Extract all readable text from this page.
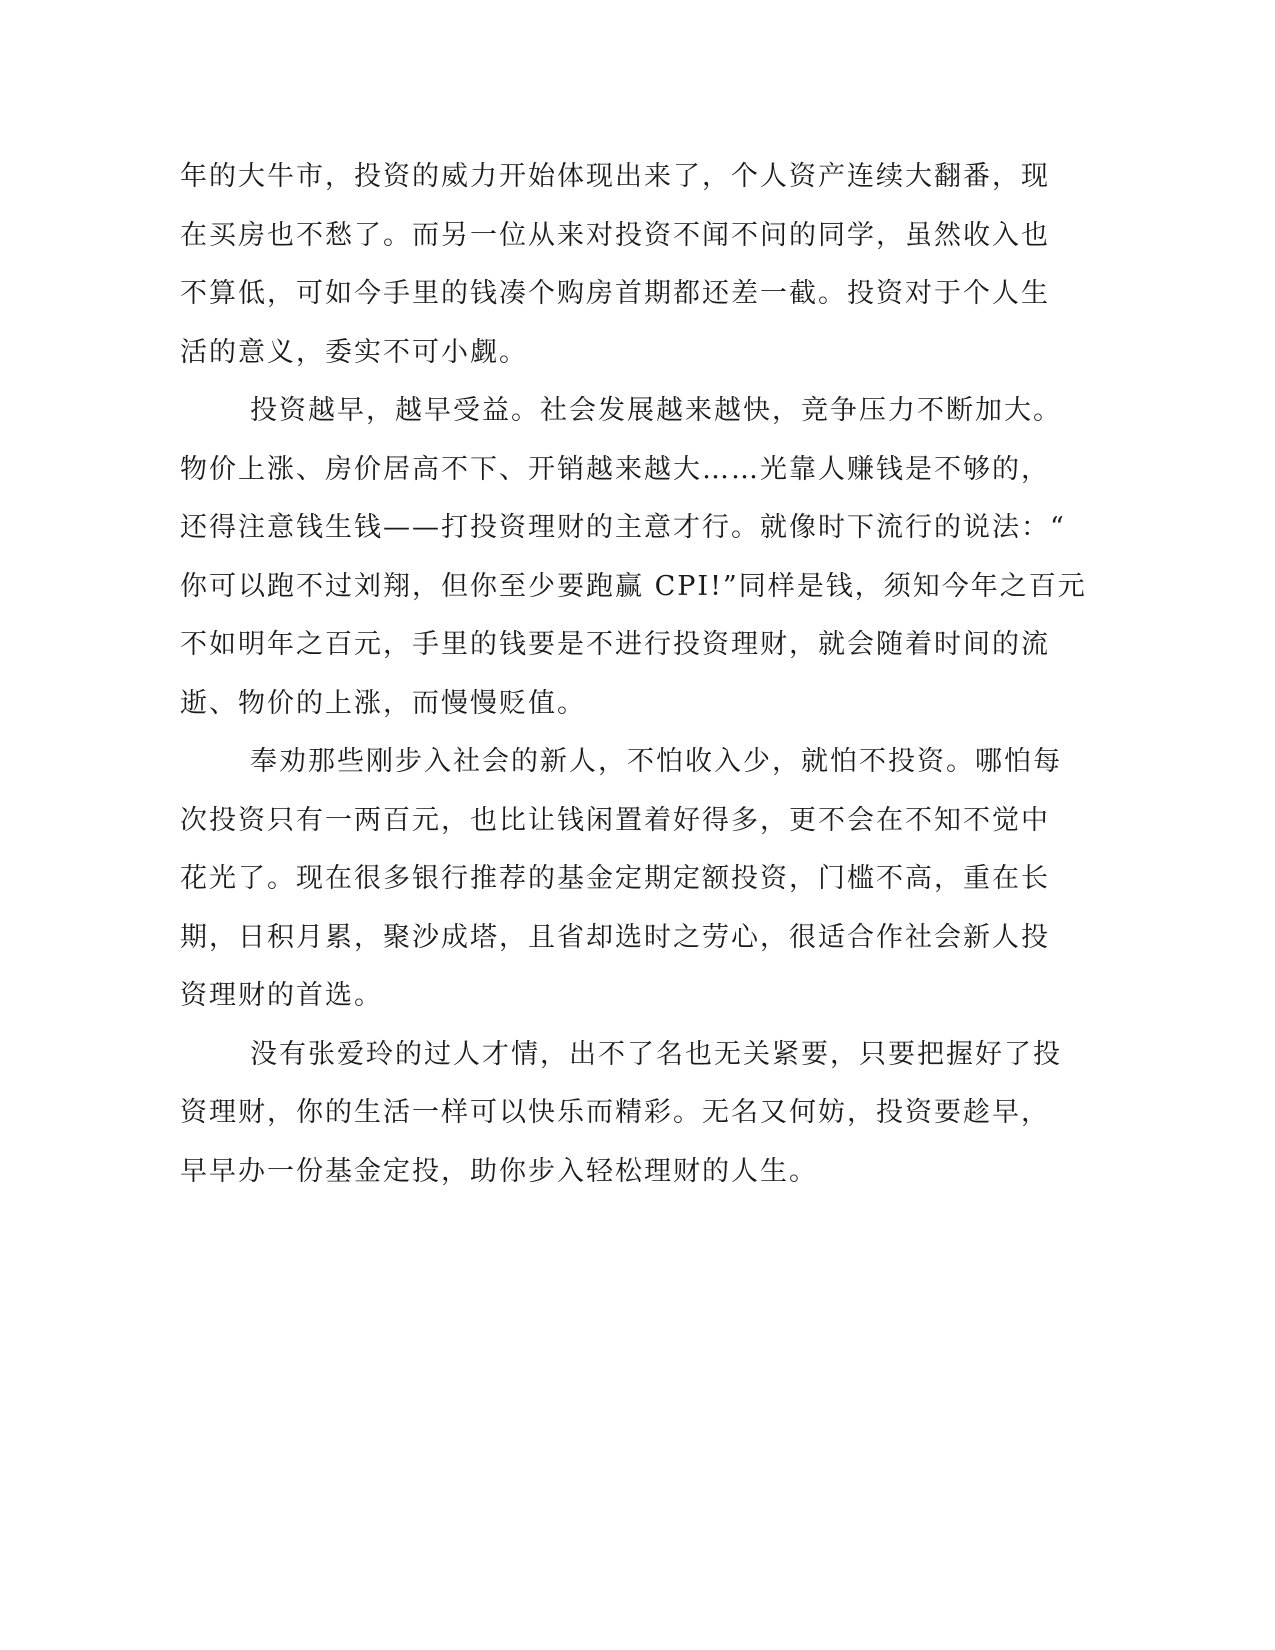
年的大牛市，投资的威力开始体现出来了，个人资产连续大翻番，现
在买房也不愁了。而另一位从来对投资不闻不问的同学，虽然收入也
不算低，可如今手里的钱凑个购房首期都还差一截。投资对于个人生
活的意义，委实不可小觑。
投资越早，越早受益。社会发展越来越快，竞争压力不断加大。
物价上涨、房价居高不下、开销越来越大……光靠人赚钱是不够的，
还得注意钱生钱——打投资理财的主意才行。就像时下流行的说法：“
你可以跑不过刘翔，但你至少要跑赢 CPI!”同样是钱，须知今年之百元
不如明年之百元，手里的钱要是不进行投资理财，就会随着时间的流
逝、物价的上涨，而慢慢贬值。
奉劝那些刚步入社会的新人，不怕收入少，就怕不投资。哪怕每
次投资只有一两百元，也比让钱闲置着好得多，更不会在不知不觉中
花光了。现在很多银行推荐的基金定期定额投资，门槛不高，重在长
期，日积月累，聚沙成塔，且省却选时之劳心，很适合作社会新人投
资理财的首选。
没有张爱玲的过人才情，出不了名也无关紧要，只要把握好了投
资理财，你的生活一样可以快乐而精彩。无名又何妨，投资要趁早，
早早办一份基金定投，助你步入轻松理财的人生。
